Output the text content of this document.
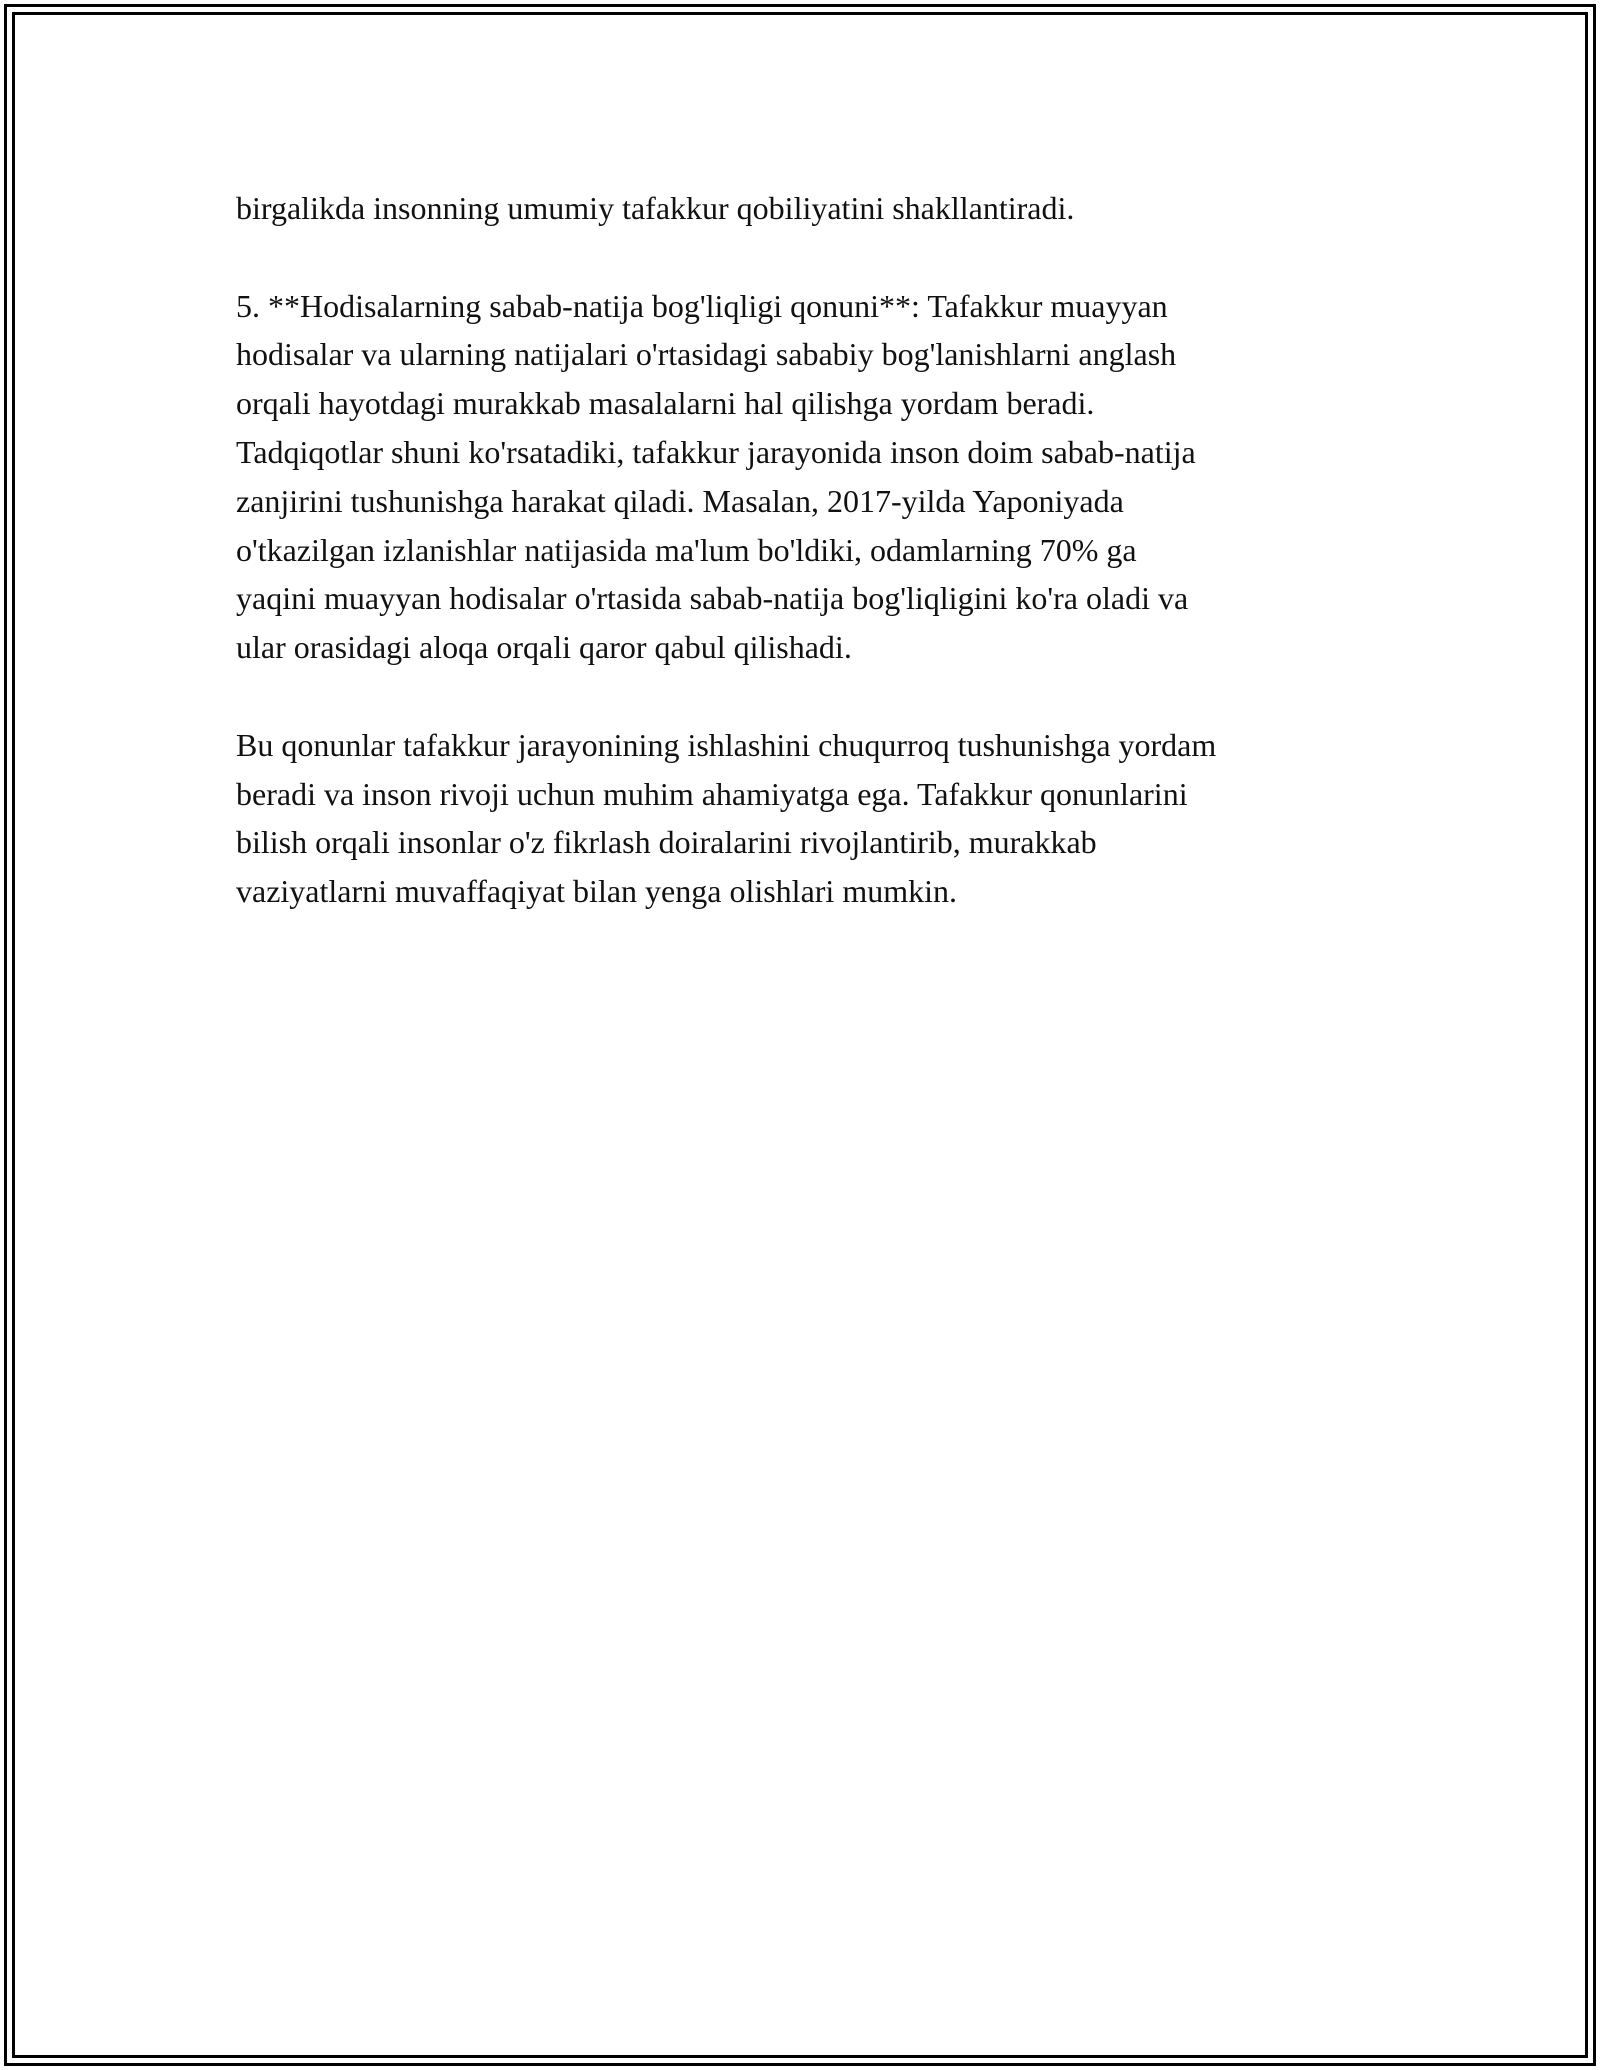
birgalikda insonning umumiy tafakkur qobiliyatini shakllantiradi.

5. **Hodisalarning sabab-natija bog'liqligi qonuni**: Tafakkur muayyan
hodisalar va ularning natijalari o'rtasidagi sababiy bog'lanishlarni anglash
orqali hayotdagi murakkab masalalarni hal qilishga yordam beradi.
Tadqiqotlar shuni ko'rsatadiki, tafakkur jarayonida inson doim sabab-natija
zanjirini tushunishga harakat qiladi. Masalan, 2017-yilda Yaponiyada
o'tkazilgan izlanishlar natijasida ma'lum bo'ldiki, odamlarning 70% ga
yaqini muayyan hodisalar o'rtasida sabab-natija bog'liqligini ko'ra oladi va
ular orasidagi aloqa orqali qaror qabul qilishadi.

Bu qonunlar tafakkur jarayonining ishlashini chuqurroq tushunishga yordam
beradi va inson rivoji uchun muhim ahamiyatga ega. Tafakkur qonunlarini
bilish orqali insonlar o'z fikrlash doiralarini rivojlantirib, murakkab
vaziyatlarni muvaffaqiyat bilan yenga olishlari mumkin.
